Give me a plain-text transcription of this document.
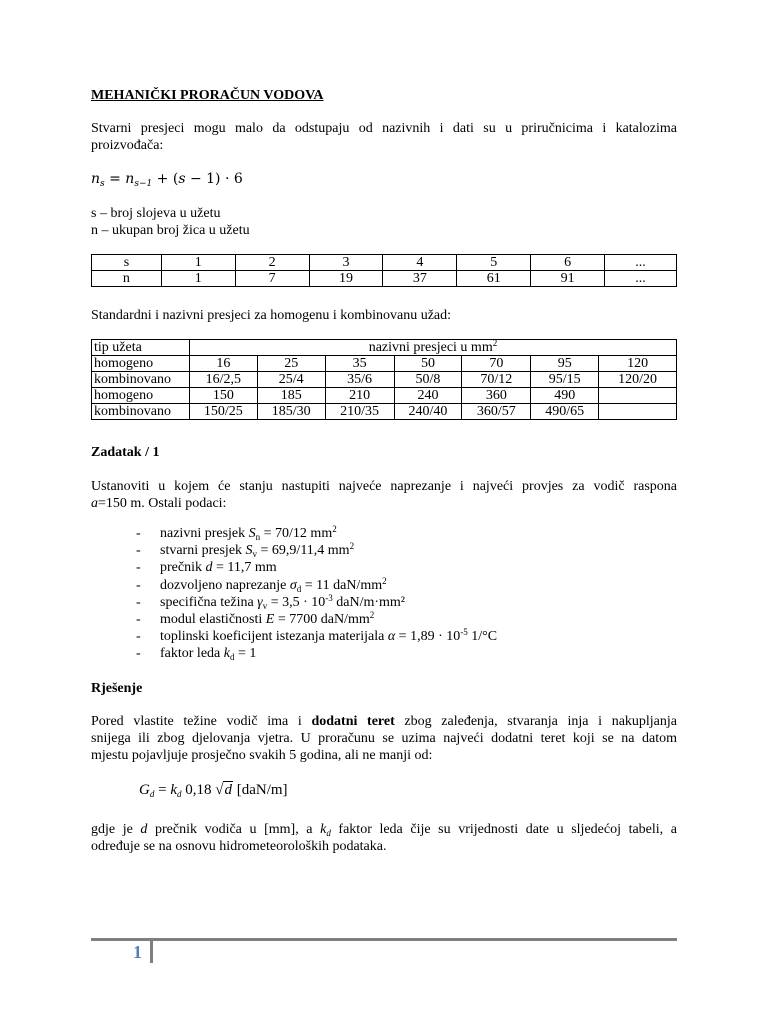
MEHANIČKI PRORAČUN VODOVA
Stvarni presjeci mogu malo da odstupaju od nazivnih i dati su u priručnicima i katalozima
proizvođača:
$n_s = n_{s-1} + (s - 1) \cdot 6$
s – broj slojeva u užetu
n – ukupan broj žica u užetu
s	1	2	3	4	5	6	...
n	1	7	19	37	61	91	...
Standardni i nazivni presjeci za homogenu i kombinovanu užad:
tip užeta	nazivni presjeci u $mm^2$
homogeno	16	25	35	50	70	95	120
kombinovano	16/2,5	25/4	35/6	50/8	70/12	95/15	120/20
homogeno	150	185	210	240	360	490	
kombinovano	150/25	185/30	210/35	240/40	360/57	490/65	
Zadatak / 1
Ustanoviti u kojem će stanju nastupiti najveće naprezanje i najveći provjes za vodič raspona
a=150 m. Ostali podaci:
-	nazivni presjek $S_n = 70/12$ $mm^2$
-	stvarni presjek $S_v = 69,9/11,4$ $mm^2$
-	prečnik d = 11,7 mm
-	dozvoljeno naprezanje $\sigma_d = 11$ daN/$mm^2$
-	specifična težina $\gamma_v = 3,5 \cdot 10^{-3}$ daN/m·mm²
-	modul elastičnosti E = 7700 daN/$mm^2$
-	toplinski koeficijent istezanja materijala $\alpha = 1,89 \cdot 10^{-5}$ 1/°C
-	faktor leda $k_d = 1$
Rješenje
Pored vlastite težine vodič ima i dodatni teret zbog zaleđenja, stvaranja inja i nakupljanja
snijega ili zbog djelovanja vjetra. U proračunu se uzima najveći dodatni teret koji se na datom
mjestu pojavljuje prosječno svakih 5 godina, ali ne manji od:
$G_d = k_d$ 0,18 √d [daN/m]
gdje je d prečnik vodiča u [mm], a $k_d$ faktor leda čije su vrijednosti date u sljedećoj tabeli, a
određuje se na osnovu hidrometeoroloških podataka.
1
